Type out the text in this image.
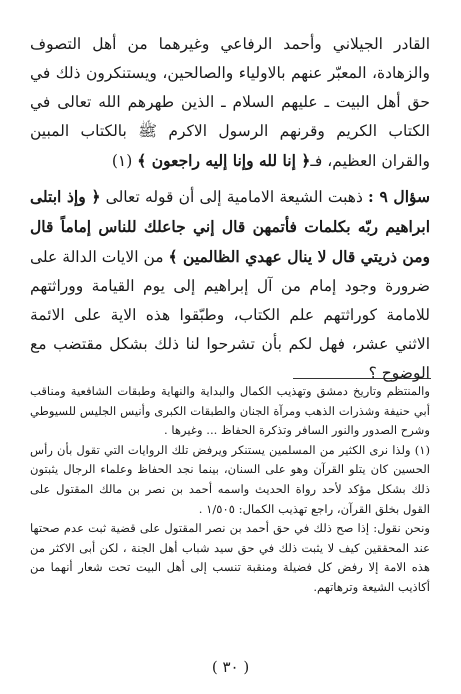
القادر الجيلاني وأحمد الرفاعي وغيرهما من أهل التصوف والزهادة، المعبّر عنهم بالاولياء والصالحين، ويستنكرون ذلك في حق أهل البيت ـ عليهم السلام ـ الذين طهرهم الله تعالى في الكتاب الكريم وقرنهم الرسول الاكرم ﷺ بالكتاب المبين والقران العظيم، فـ﴿ إنا لله وإنا إليه راجعون ﴾ (١)

سؤال ٩ : ذهبت الشيعة الامامية إلى أن قوله تعالى ﴿ وإذ ابتلى ابراهيم ربّه بكلمات فأتمهن قال إني جاعلك للناس إماماً قال ومن ذريتي قال لا ينال عهدي الظالمين ﴾ من الايات الدالة على ضرورة وجود إمام من آل إبراهيم إلى يوم القيامة ووراثتهم للامامة كوراثتهم علم الكتاب، وطبّقوا هذه الاية على الائمة الاثني عشر، فهل لكم بأن تشرحوا لنا ذلك بشكل مقتضب مع الوضوح ؟

والمنتظم وتاريخ دمشق وتهذيب الكمال والبداية والنهاية وطبقات الشافعية ومناقب أبي حنيفة وشذرات الذهب ومرآة الجنان والطبقات الكبرى وأنيس الجليس للسيوطي وشرح الصدور والنور السافر وتذكرة الحفاظ ... وغيرها .

(١) ولذا نرى الكثير من المسلمين يستنكر ويرفض تلك الروايات التي تقول بأن رأس الحسين كان يتلو القرآن وهو على السنان، بينما نجد الحفاظ وعلماء الرجال يثبتون ذلك بشكل مؤكد لأحد رواة الحديث واسمه أحمد بن نصر بن مالك المقتول على القول بخلق القرآن، راجع تهذيب الكمال: ١/٥٠٥ .

ونحن نقول: إذا صح ذلك في حق أحمد بن نصر المقتول على قضية ثبت عدم صحتها عند المحققين كيف لا يثبت ذلك في حق سيد شباب أهل الجنة ، لكن أبى الاكثر من هذه الامة إلا رفض كل فضيلة ومنقبة تنسب إلى أهل البيت تحت شعار أنهما من أكاذيب الشيعة وترهاتهم.

( ٣٠ )
